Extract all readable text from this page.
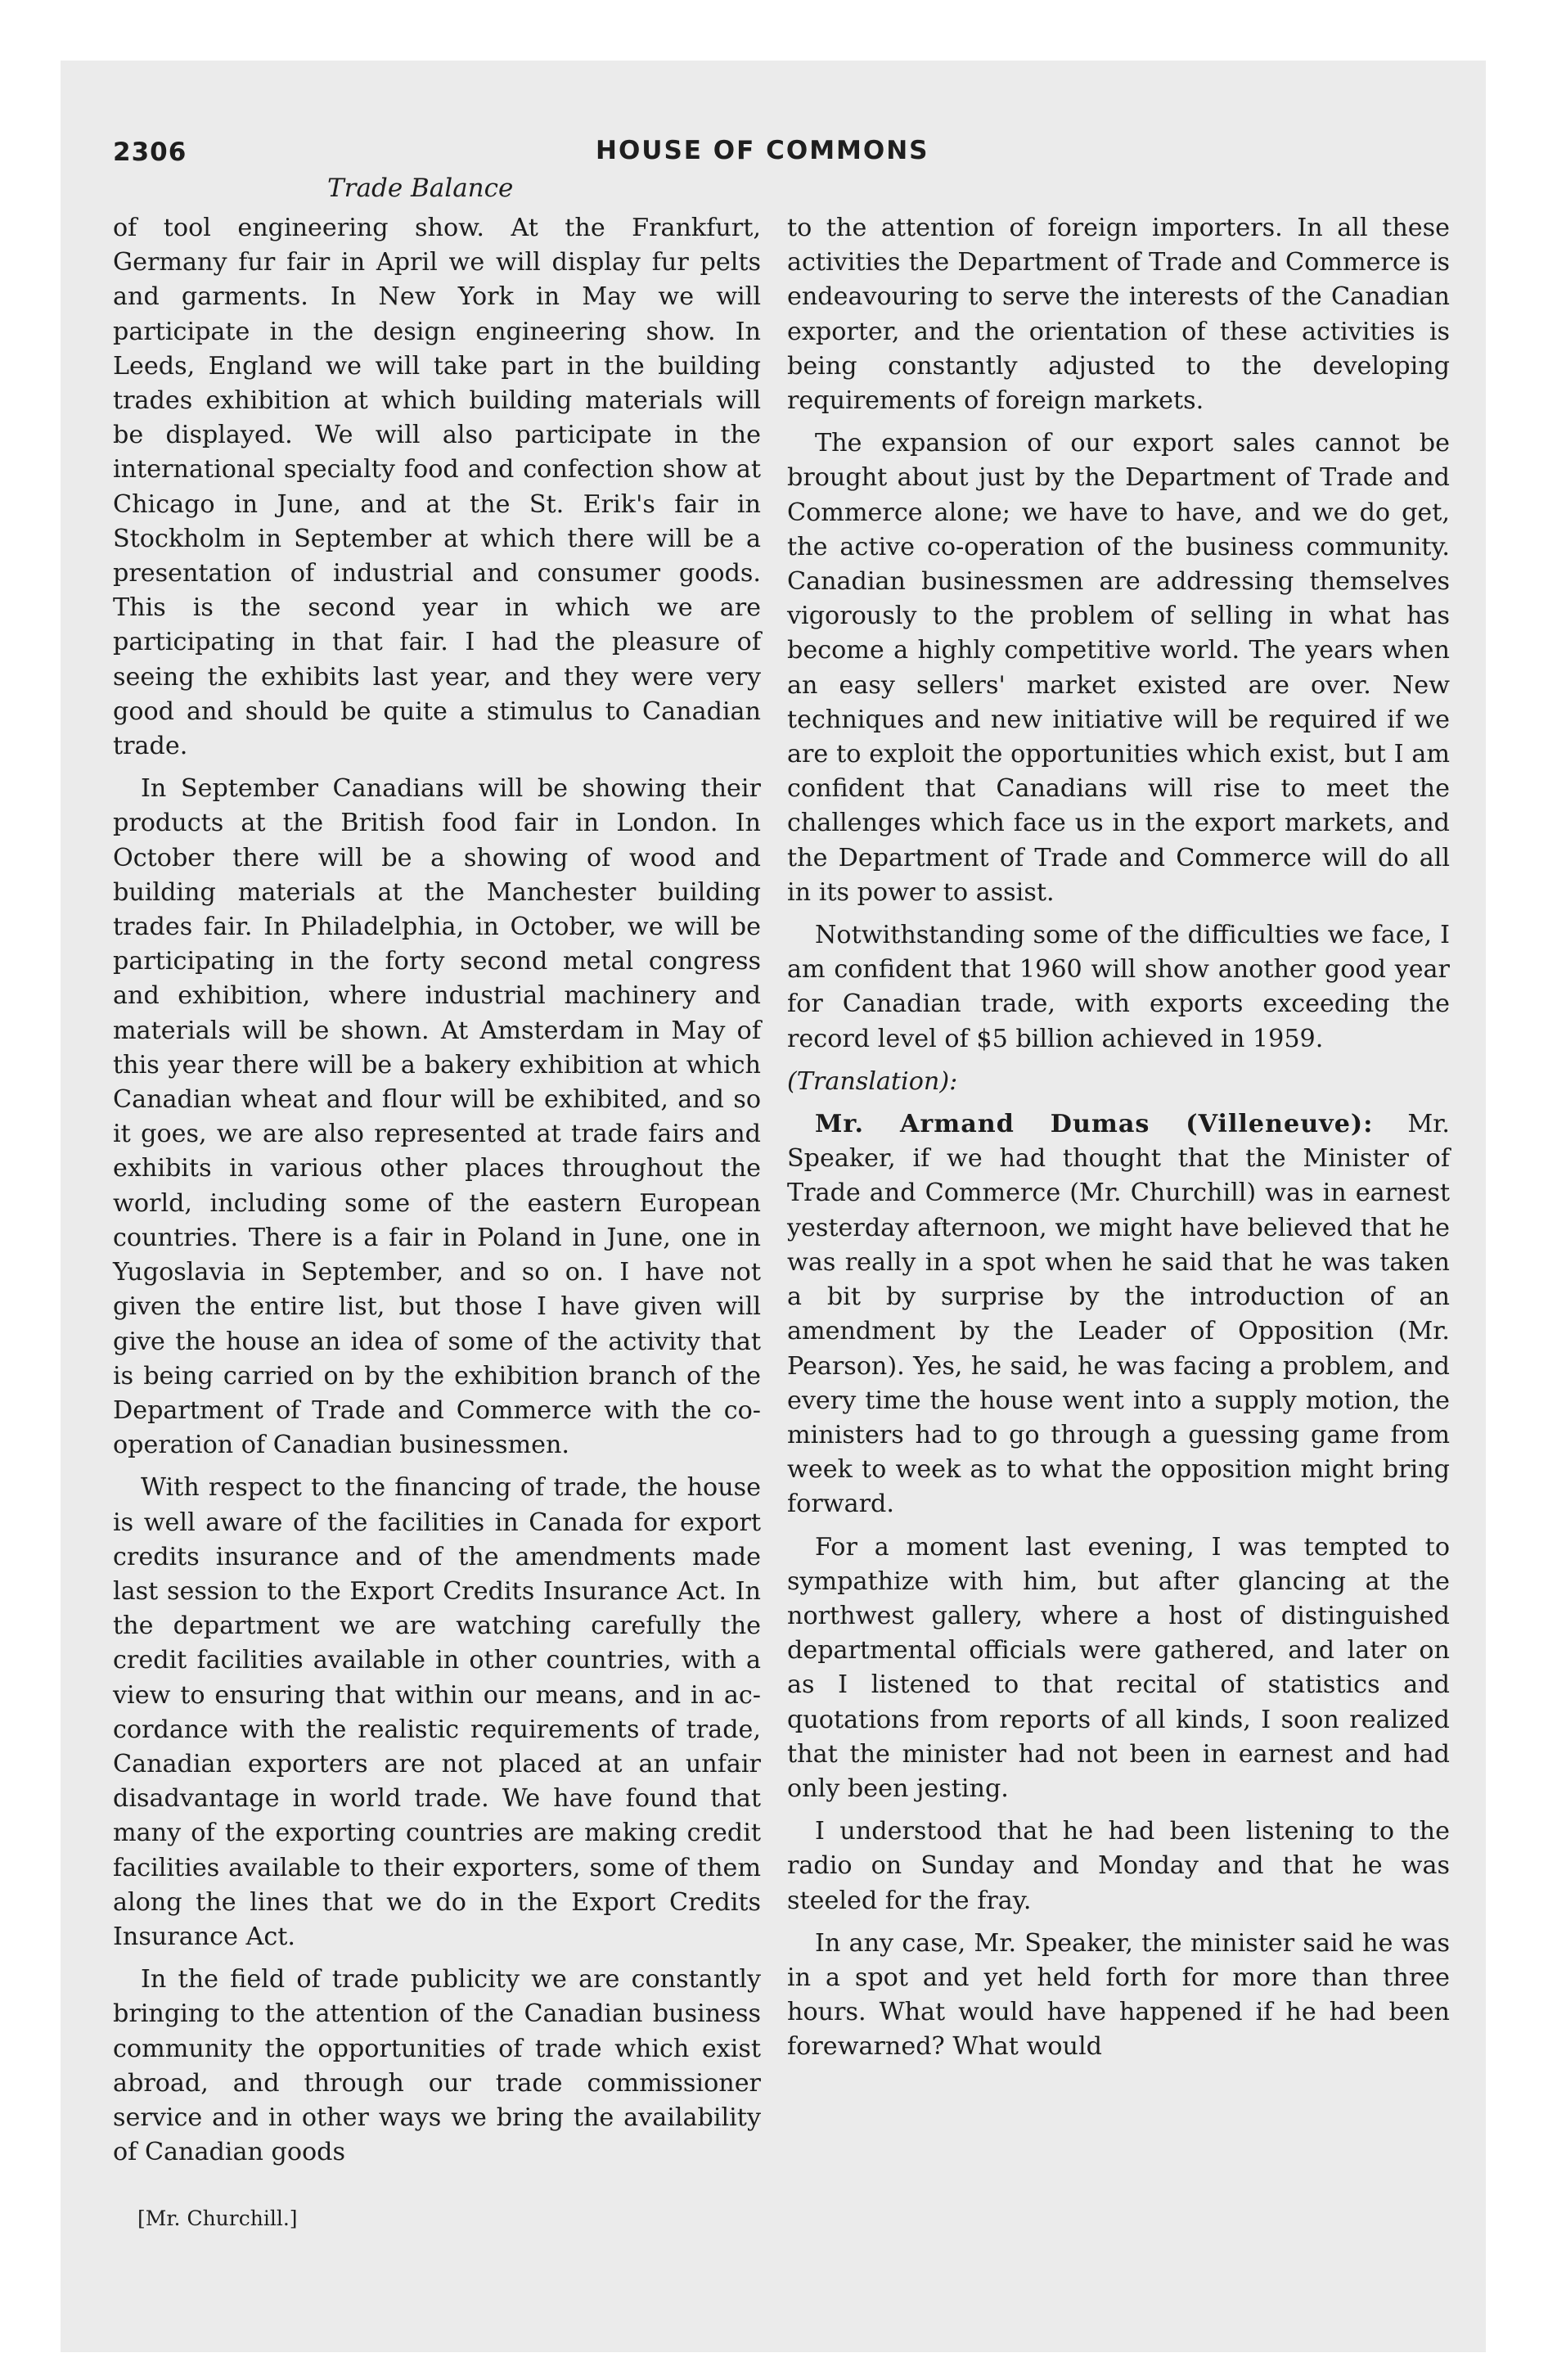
2306	HOUSE OF COMMONS
Trade Balance

of tool engineering show. At the Frankfurt, Germany fur fair in April we will display fur pelts and garments. In New York in May we will participate in the design engineering show. In Leeds, England we will take part in the building trades exhibition at which building materials will be displayed. We will also participate in the international specialty food and confection show at Chicago in June, and at the St. Erik's fair in Stockholm in September at which there will be a presentation of industrial and consumer goods. This is the second year in which we are participating in that fair. I had the pleasure of seeing the exhibits last year, and they were very good and should be quite a stimulus to Canadian trade.

In September Canadians will be showing their products at the British food fair in London. In October there will be a showing of wood and building materials at the Manchester building trades fair. In Philadelphia, in October, we will be participating in the forty second metal congress and exhibition, where industrial machinery and materials will be shown. At Amsterdam in May of this year there will be a bakery exhibition at which Canadian wheat and flour will be exhibited, and so it goes, we are also represented at trade fairs and exhibits in various other places throughout the world, including some of the eastern European countries. There is a fair in Poland in June, one in Yugoslavia in September, and so on. I have not given the entire list, but those I have given will give the house an idea of some of the activity that is being carried on by the exhibition branch of the Department of Trade and Commerce with the co-operation of Canadian businessmen.

With respect to the financing of trade, the house is well aware of the facilities in Canada for export credits insurance and of the amendments made last session to the Export Credits Insurance Act. In the department we are watching carefully the credit facilities available in other countries, with a view to ensuring that within our means, and in accordance with the realistic requirements of trade, Canadian exporters are not placed at an unfair disadvantage in world trade. We have found that many of the exporting countries are making credit facilities available to their exporters, some of them along the lines that we do in the Export Credits Insurance Act.

In the field of trade publicity we are constantly bringing to the attention of the Canadian business community the opportunities of trade which exist abroad, and through our trade commissioner service and in other ways we bring the availability of Canadian goods

to the attention of foreign importers. In all these activities the Department of Trade and Commerce is endeavouring to serve the interests of the Canadian exporter, and the orientation of these activities is being constantly adjusted to the developing requirements of foreign markets.

The expansion of our export sales cannot be brought about just by the Department of Trade and Commerce alone; we have to have, and we do get, the active co-operation of the business community. Canadian businessmen are addressing themselves vigorously to the problem of selling in what has become a highly competitive world. The years when an easy sellers' market existed are over. New techniques and new initiative will be required if we are to exploit the opportunities which exist, but I am confident that Canadians will rise to meet the challenges which face us in the export markets, and the Department of Trade and Commerce will do all in its power to assist.

Notwithstanding some of the difficulties we face, I am confident that 1960 will show another good year for Canadian trade, with exports exceeding the record level of $5 billion achieved in 1959.

(Translation):

Mr. Armand Dumas (Villeneuve): Mr. Speaker, if we had thought that the Minister of Trade and Commerce (Mr. Churchill) was in earnest yesterday afternoon, we might have believed that he was really in a spot when he said that he was taken a bit by surprise by the introduction of an amendment by the Leader of Opposition (Mr. Pearson). Yes, he said, he was facing a problem, and every time the house went into a supply motion, the ministers had to go through a guessing game from week to week as to what the opposition might bring forward.

For a moment last evening, I was tempted to sympathize with him, but after glancing at the northwest gallery, where a host of distinguished departmental officials were gathered, and later on as I listened to that recital of statistics and quotations from reports of all kinds, I soon realized that the minister had not been in earnest and had only been jesting.

I understood that he had been listening to the radio on Sunday and Monday and that he was steeled for the fray.

In any case, Mr. Speaker, the minister said he was in a spot and yet held forth for more than three hours. What would have happened if he had been forewarned? What would

[Mr. Churchill.]
